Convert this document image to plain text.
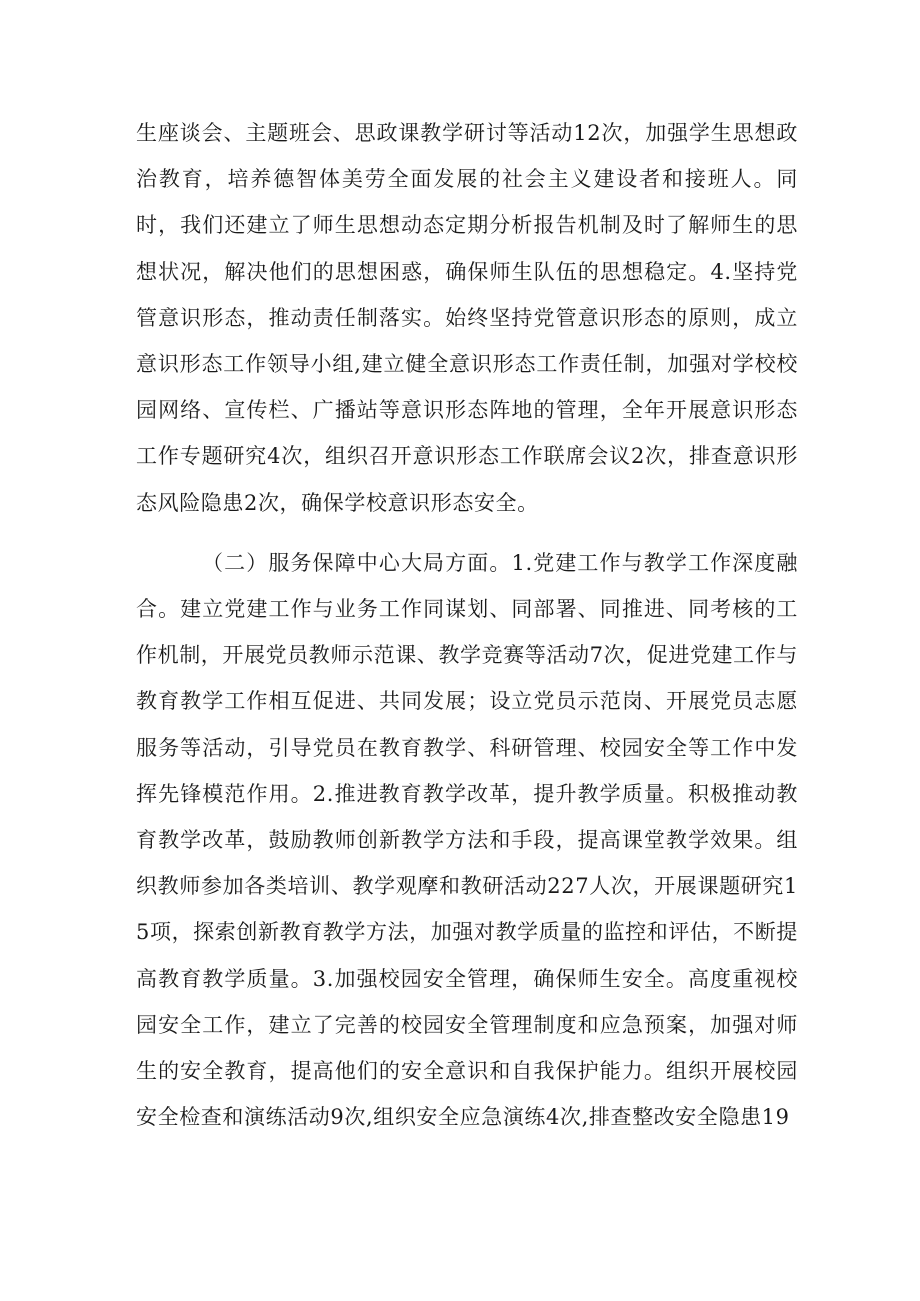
生座谈会、主题班会、思政课教学研讨等活动12次，加强学生思想政治教育，培养德智体美劳全面发展的社会主义建设者和接班人。同时，我们还建立了师生思想动态定期分析报告机制及时了解师生的思想状况，解决他们的思想困惑，确保师生队伍的思想稳定。4.坚持党管意识形态，推动责任制落实。始终坚持党管意识形态的原则，成立意识形态工作领导小组,建立健全意识形态工作责任制，加强对学校校园网络、宣传栏、广播站等意识形态阵地的管理，全年开展意识形态工作专题研究4次，组织召开意识形态工作联席会议2次，排查意识形态风险隐患2次，确保学校意识形态安全。

（二）服务保障中心大局方面。1.党建工作与教学工作深度融合。建立党建工作与业务工作同谋划、同部署、同推进、同考核的工作机制，开展党员教师示范课、教学竞赛等活动7次，促进党建工作与教育教学工作相互促进、共同发展；设立党员示范岗、开展党员志愿服务等活动，引导党员在教育教学、科研管理、校园安全等工作中发挥先锋模范作用。2.推进教育教学改革，提升教学质量。积极推动教育教学改革，鼓励教师创新教学方法和手段，提高课堂教学效果。组织教师参加各类培训、教学观摩和教研活动227人次，开展课题研究15项，探索创新教育教学方法，加强对教学质量的监控和评估，不断提高教育教学质量。3.加强校园安全管理，确保师生安全。高度重视校园安全工作，建立了完善的校园安全管理制度和应急预案，加强对师生的安全教育，提高他们的安全意识和自我保护能力。组织开展校园安全检查和演练活动9次,组织安全应急演练4次,排查整改安全隐患19
